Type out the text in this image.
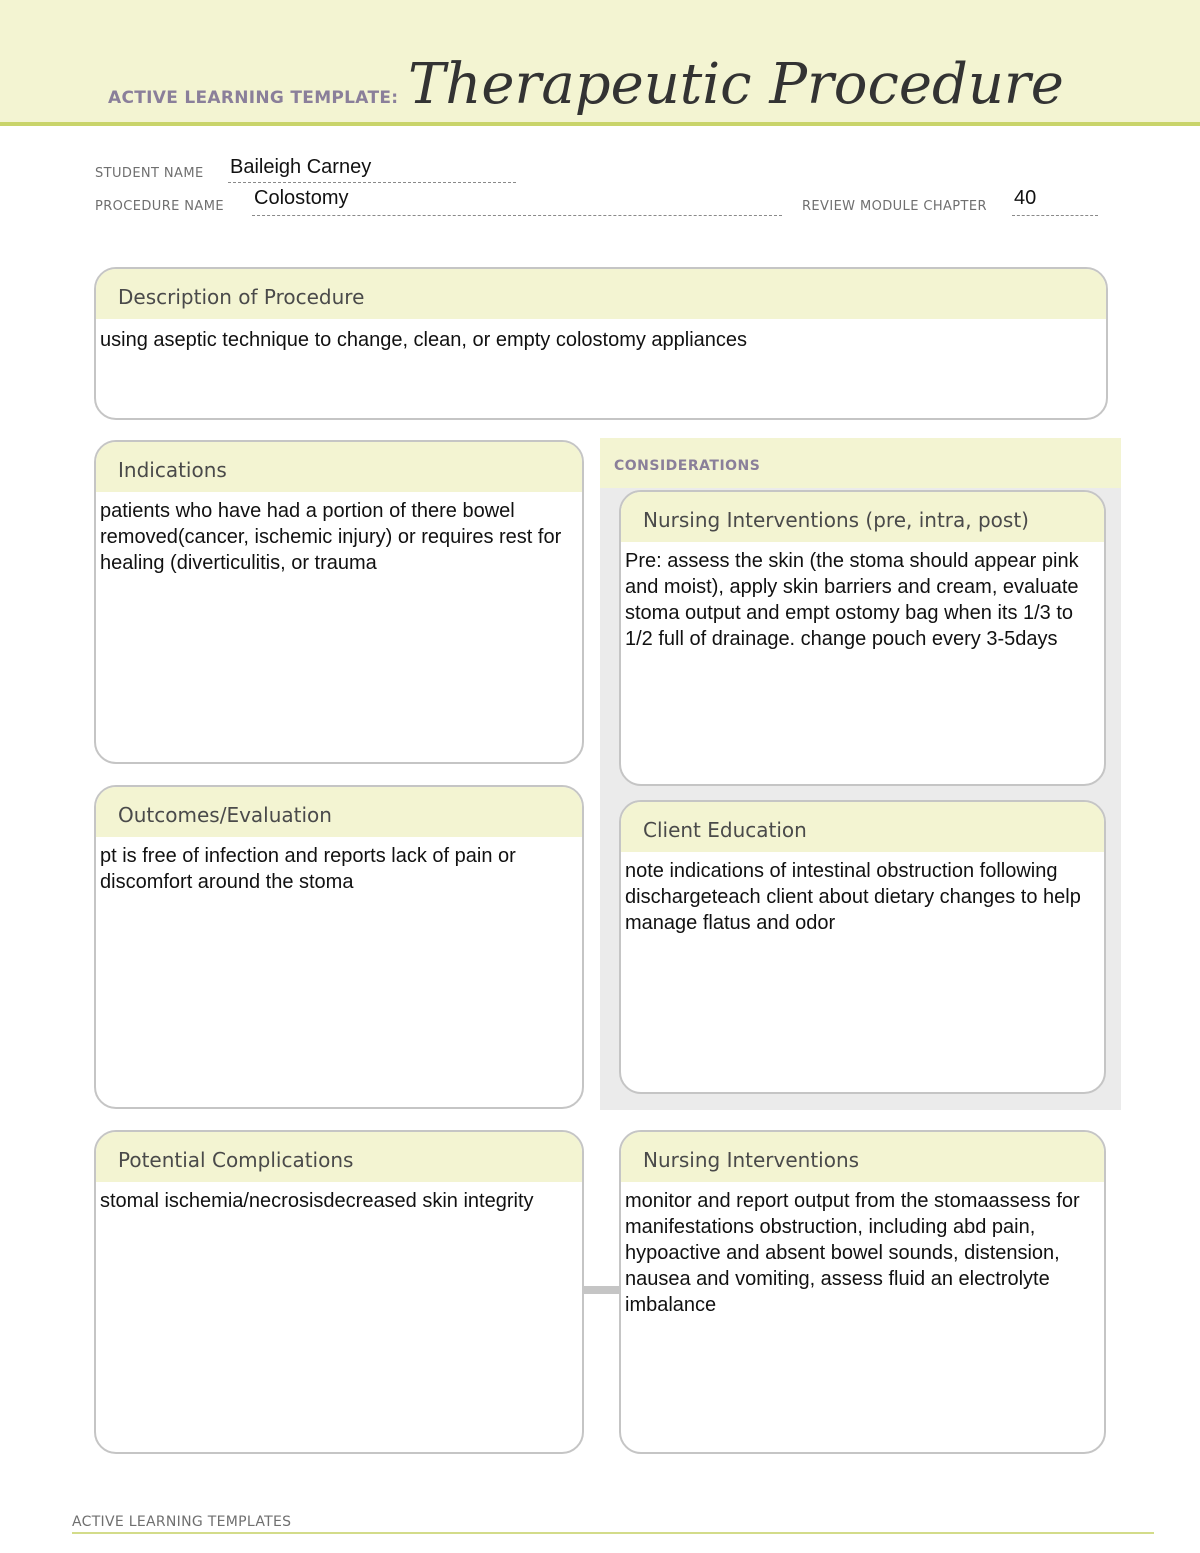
ACTIVE LEARNING TEMPLATE: Therapeutic Procedure
STUDENT NAME Baileigh Carney
PROCEDURE NAME Colostomy	REVIEW MODULE CHAPTER 40
Description of Procedure
using aseptic technique to change, clean, or empty colostomy appliances
Indications
patients who have had a portion of there bowel removed(cancer, ischemic injury) or requires rest for healing (diverticulitis, or trauma
Outcomes/Evaluation
pt is free of infection and reports lack of pain or discomfort around the stoma
CONSIDERATIONS
Nursing Interventions (pre, intra, post)
Pre: assess the skin (the stoma should appear pink and moist), apply skin barriers and cream, evaluate stoma output and empt ostomy bag when its 1/3 to 1/2 full of drainage. change pouch every 3-5days
Client Education
note indications of intestinal obstruction following dischargeteach client about dietary changes to help manage flatus and odor
Potential Complications
stomal ischemia/necrosisdecreased skin integrity
Nursing Interventions
monitor and report output from the stomaassess for manifestations obstruction, including abd pain, hypoactive and absent bowel sounds, distension, nausea and vomiting, assess fluid an electrolyte imbalance
ACTIVE LEARNING TEMPLATES
